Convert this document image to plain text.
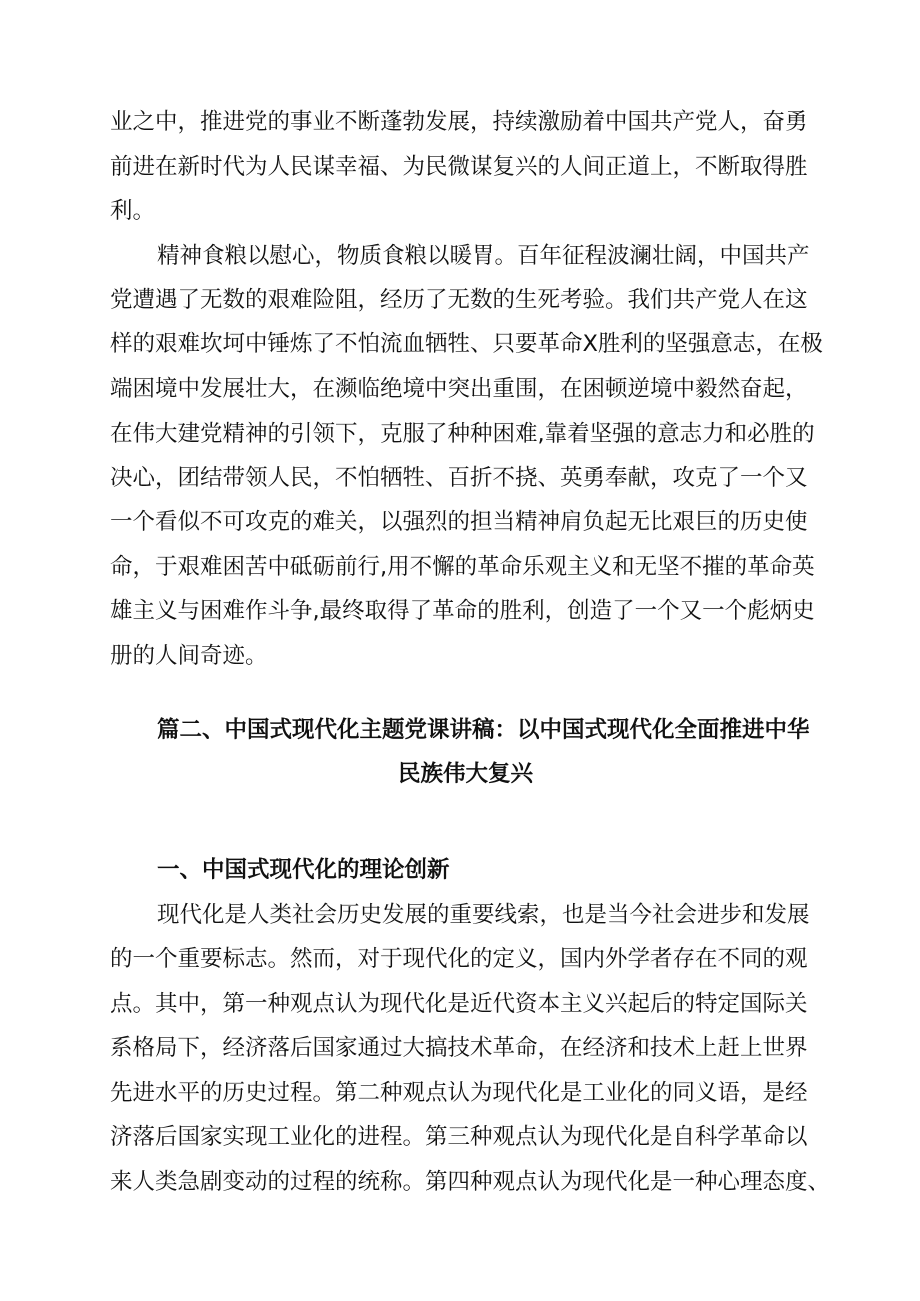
业之中，推进党的事业不断蓬勃发展，持续激励着中国共产党人，奋勇
前进在新时代为人民谋幸福、为民微谋复兴的人间正道上，不断取得胜
利。
精神食粮以慰心，物质食粮以暖胃。百年征程波澜壮阔，中国共产
党遭遇了无数的艰难险阻，经历了无数的生死考验。我们共产党人在这
样的艰难坎坷中锤炼了不怕流血牺牲、只要革命X胜利的坚强意志，在极
端困境中发展壮大，在濒临绝境中突出重围，在困顿逆境中毅然奋起，
在伟大建党精神的引领下，克服了种种困难,靠着坚强的意志力和必胜的
决心，团结带领人民，不怕牺牲、百折不挠、英勇奉献，攻克了一个又
一个看似不可攻克的难关，以强烈的担当精神肩负起无比艰巨的历史使
命，于艰难困苦中砥砺前行,用不懈的革命乐观主义和无坚不摧的革命英
雄主义与困难作斗争,最终取得了革命的胜利，创造了一个又一个彪炳史
册的人间奇迹。
篇二、中国式现代化主题党课讲稿：以中国式现代化全面推进中华
民族伟大复兴
一、中国式现代化的理论创新
现代化是人类社会历史发展的重要线索，也是当今社会进步和发展
的一个重要标志。然而，对于现代化的定义，国内外学者存在不同的观
点。其中，第一种观点认为现代化是近代资本主义兴起后的特定国际关
系格局下，经济落后国家通过大搞技术革命，在经济和技术上赶上世界
先进水平的历史过程。第二种观点认为现代化是工业化的同义语，是经
济落后国家实现工业化的进程。第三种观点认为现代化是自科学革命以
来人类急剧变动的过程的统称。第四种观点认为现代化是一种心理态度、
